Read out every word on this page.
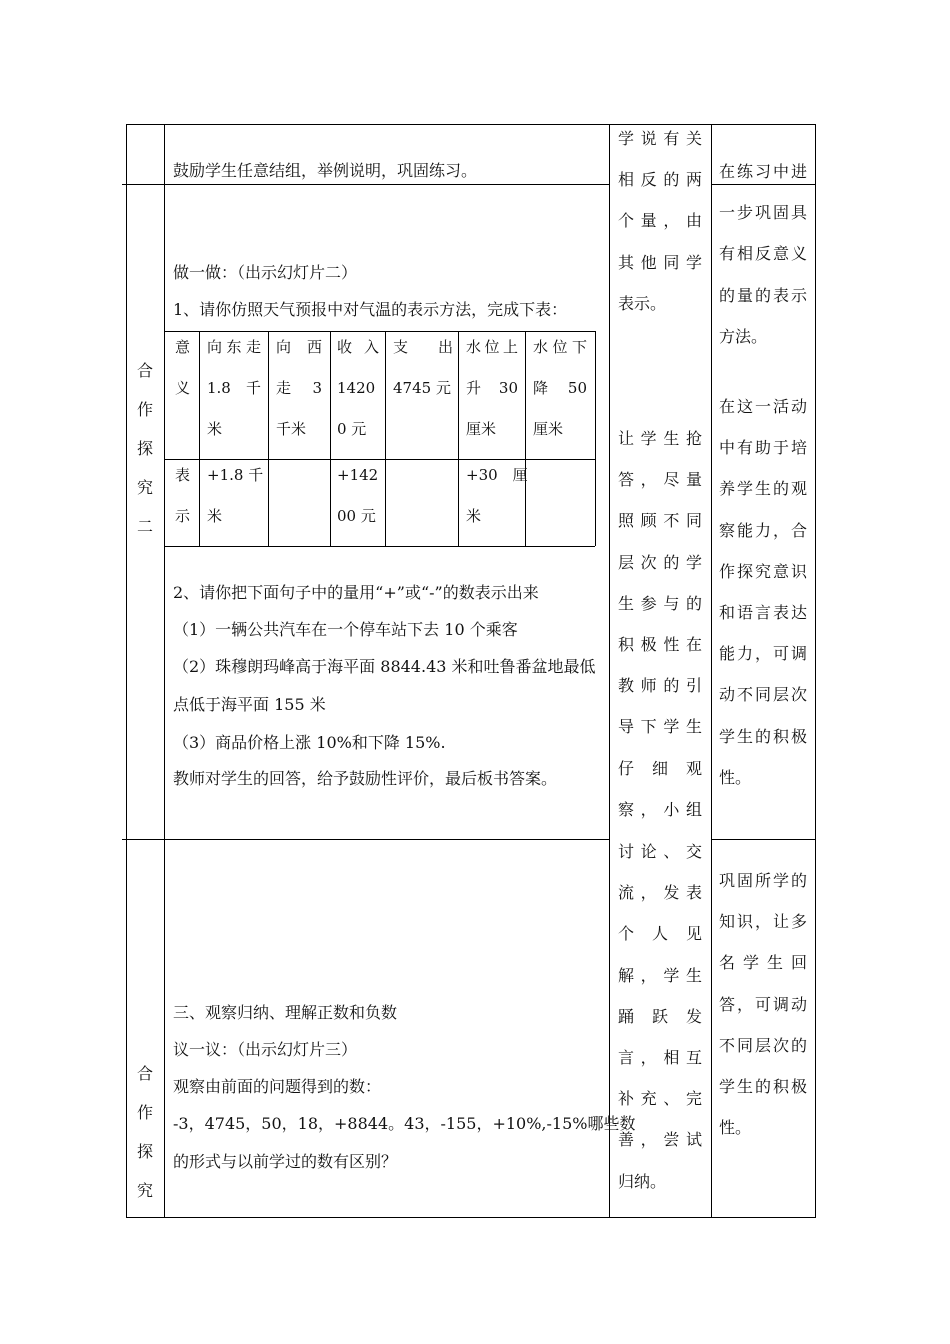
鼓励学生任意结组，举例说明，巩固练习。
合
作
探
究
二
做一做：（出示幻灯片二）
1、请你仿照天气预报中对气温的表示方法，完成下表：
意
义
向东走
1.8　千
米
向 西
走　3
千米
收 入
1420
0 元
支　　出
4745 元
水位上
升　30
厘米
水位下
降　50
厘米
表
示
+1.8 千
米
+142
00 元
+30　厘
米
2、请你把下面句子中的量用“+”或“-”的数表示出来
（1）一辆公共汽车在一个停车站下去 10 个乘客
（2）珠穆朗玛峰高于海平面 8844.43 米和吐鲁番盆地最低
点低于海平面 155 米
（3）商品价格上涨 10%和下降 15%.
教师对学生的回答，给予鼓励性评价，最后板书答案。
合
作
探
究
三、观察归纳、理解正数和负数
议一议：（出示幻灯片三）
观察由前面的问题得到的数：
-3，4745，50，18，+8844。43，-155，+10%,-15%哪些数
的形式与以前学过的数有区别？
学说有关
相反的两
个量，由
其他同学
表示。
让学生抢
答，尽量
照顾不同
层次的学
生参与的
积极性在
教师的引
导下学生
仔　细　观
察，小组
讨论、交
流，发表
个　人　见
解，学生
踊跃发
言，相互
补充、完
善，尝试
归纳。
在练习中进
一步巩固具
有相反意义
的量的表示
方法。
在这一活动
中有助于培
养学生的观
察能力，合
作探究意识
和语言表达
能力，可调
动不同层次
学生的积极
性。
巩固所学的
知识，让多
名学生回
答，可调动
不同层次的
学生的积极
性。
